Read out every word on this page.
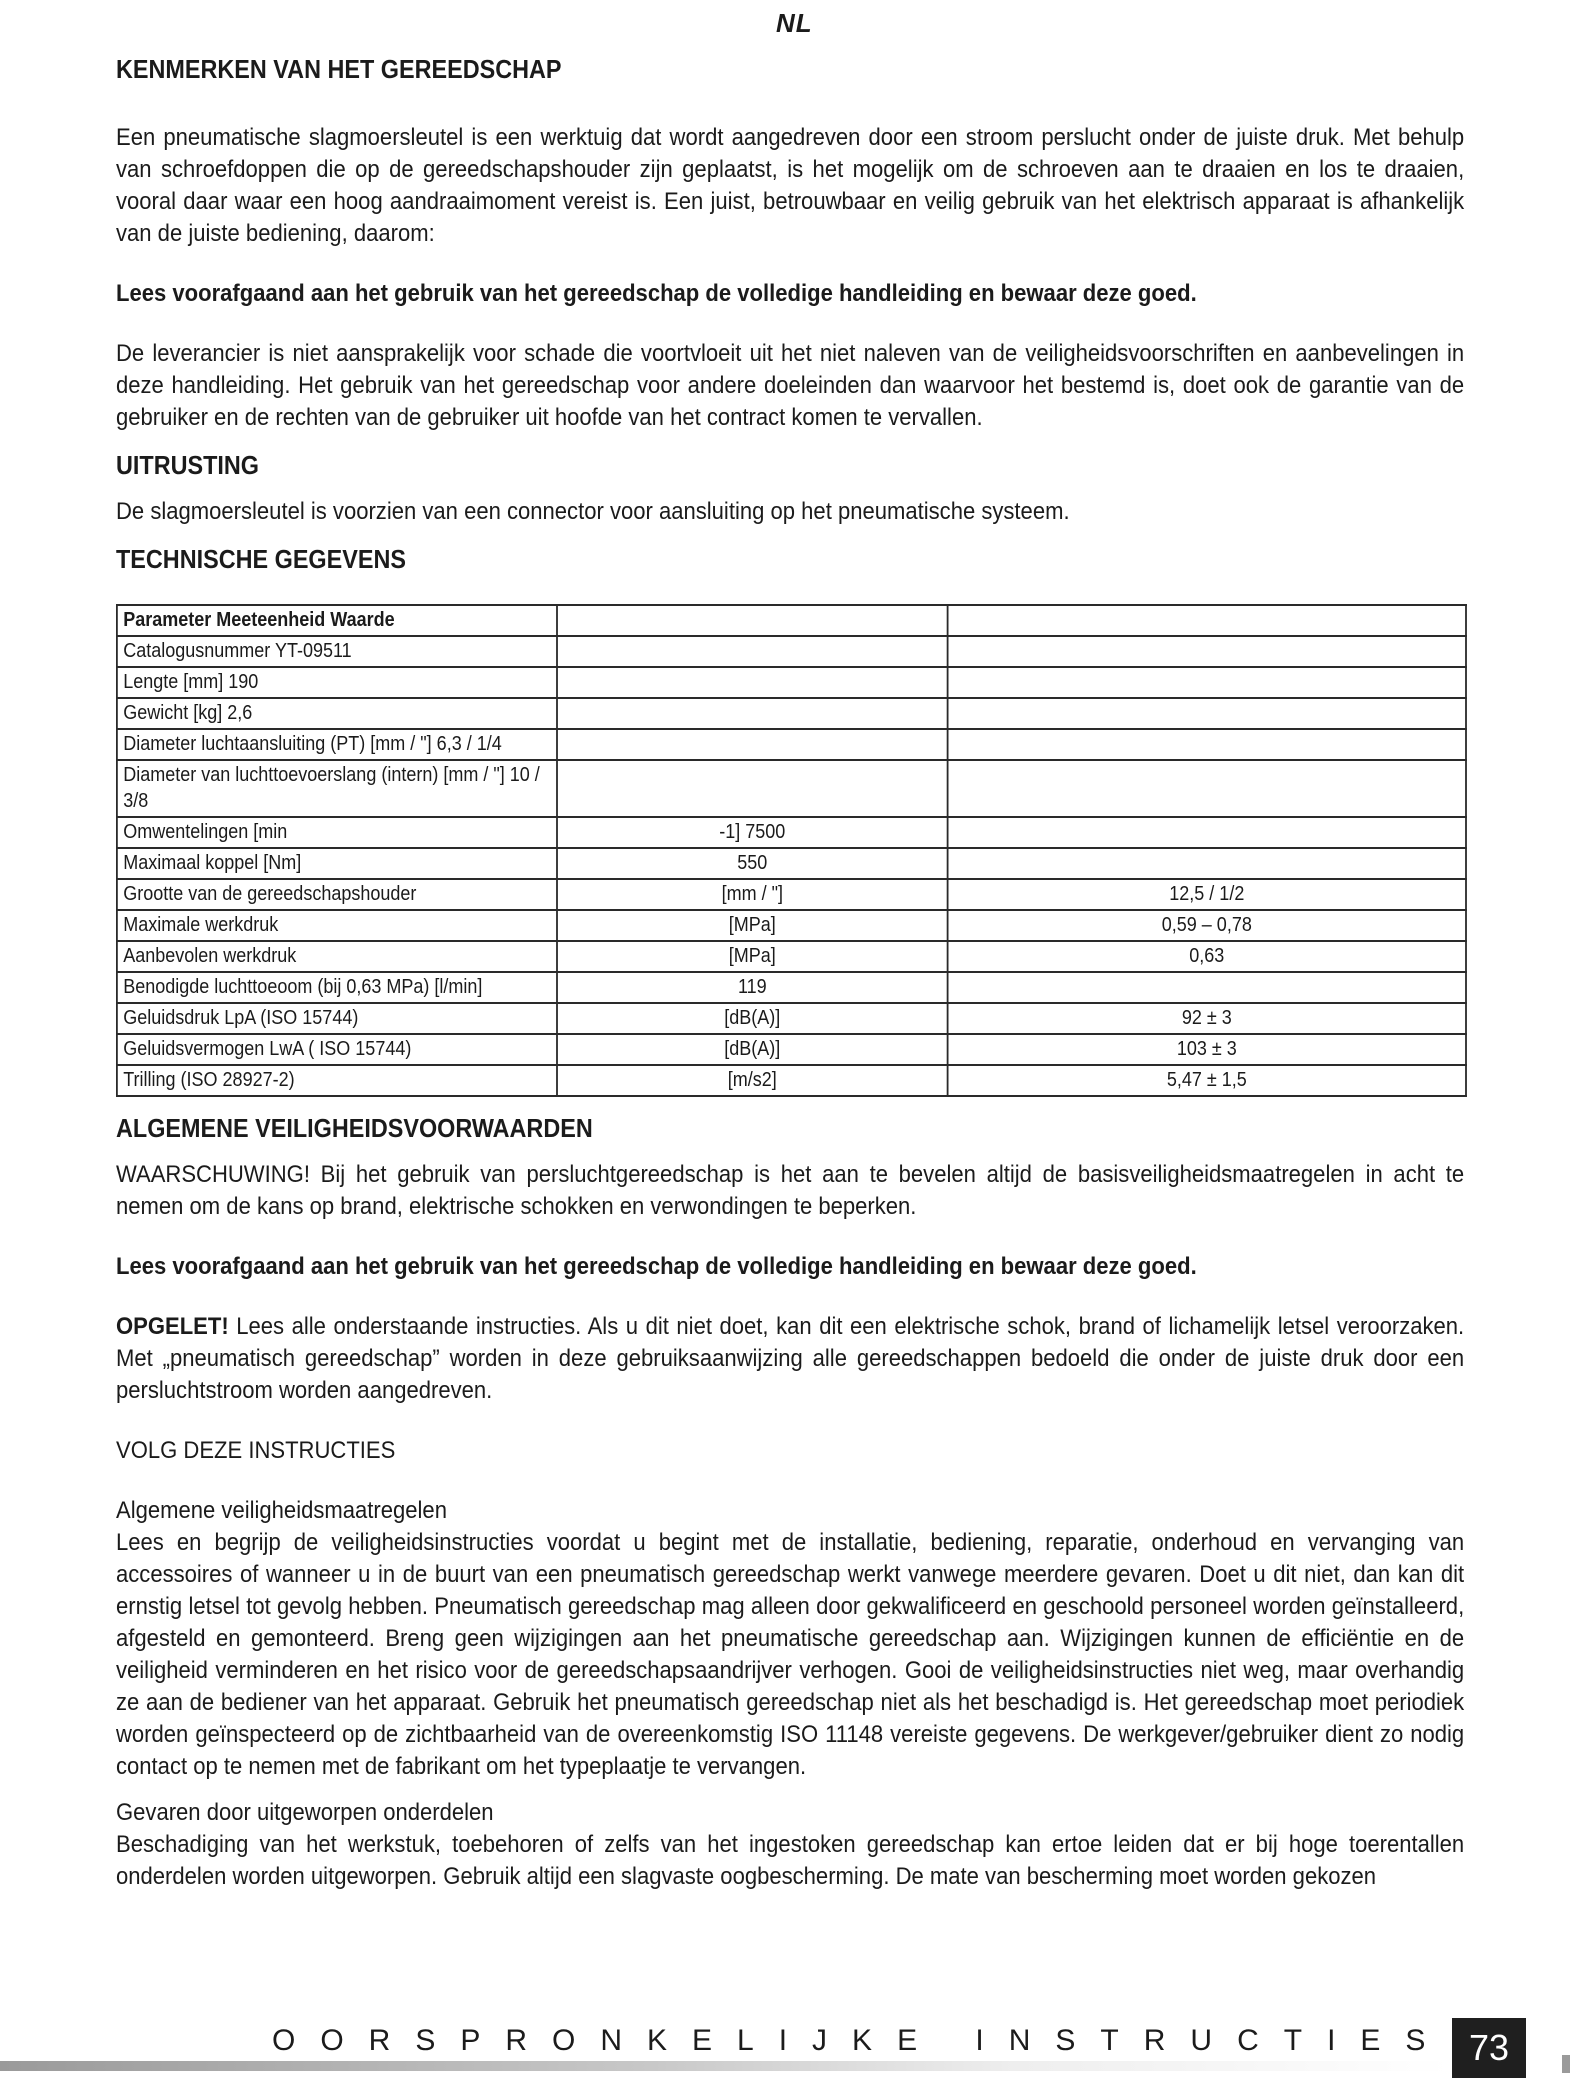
NL
KENMERKEN VAN HET GEREEDSCHAP

Een pneumatische slagmoersleutel is een werktuig dat wordt aangedreven door een stroom perslucht onder de juiste druk. Met behulp van schroefdoppen die op de gereedschapshouder zijn geplaatst, is het mogelijk om de schroeven aan te draaien en los te draaien, vooral daar waar een hoog aandraaimoment vereist is. Een juist, betrouwbaar en veilig gebruik van het elektrisch apparaat is afhankelijk van de juiste bediening, daarom:

Lees voorafgaand aan het gebruik van het gereedschap de volledige handleiding en bewaar deze goed.

De leverancier is niet aansprakelijk voor schade die voortvloeit uit het niet naleven van de veiligheidsvoorschriften en aanbevelingen in deze handleiding. Het gebruik van het gereedschap voor andere doeleinden dan waarvoor het bestemd is, doet ook de garantie van de gebruiker en de rechten van de gebruiker uit hoofde van het contract komen te vervallen.

UITRUSTING

De slagmoersleutel is voorzien van een connector voor aansluiting op het pneumatische systeem.

TECHNISCHE GEGEVENS
Parameter Meeteenheid Waarde		
Catalogusnummer YT-09511		
Lengte [mm] 190		
Gewicht [kg] 2,6		
Diameter luchtaansluiting (PT) [mm / "] 6,3 / 1/4		
Diameter van luchttoevoerslang (intern) [mm / "] 10 / 3/8		
Omwentelingen [min	-1] 7500	
Maximaal koppel [Nm]	550	
Grootte van de gereedschapshouder	[mm / "]	12,5 / 1/2
Maximale werkdruk	[MPa]	0,59 – 0,78
Aanbevolen werkdruk	[MPa]	0,63
Benodigde luchttoeoom (bij 0,63 MPa) [l/min]	119	
Geluidsdruk LpA (ISO 15744)	[dB(A)]	92 ± 3
Geluidsvermogen LwA ( ISO 15744)	[dB(A)]	103 ± 3
Trilling (ISO 28927-2)	[m/s2]	5,47 ± 1,5
ALGEMENE VEILIGHEIDSVOORWAARDEN

WAARSCHUWING! Bij het gebruik van persluchtgereedschap is het aan te bevelen altijd de basisveiligheidsmaatregelen in acht te nemen om de kans op brand, elektrische schokken en verwondingen te beperken.

Lees voorafgaand aan het gebruik van het gereedschap de volledige handleiding en bewaar deze goed.

OPGELET! Lees alle onderstaande instructies. Als u dit niet doet, kan dit een elektrische schok, brand of lichamelijk letsel veroorzaken. Met „pneumatisch gereedschap” worden in deze gebruiksaanwijzing alle gereedschappen bedoeld die onder de juiste druk door een persluchtstroom worden aangedreven.

VOLG DEZE INSTRUCTIES

Algemene veiligheidsmaatregelen

Lees en begrijp de veiligheidsinstructies voordat u begint met de installatie, bediening, reparatie, onderhoud en vervanging van accessoires of wanneer u in de buurt van een pneumatisch gereedschap werkt vanwege meerdere gevaren. Doet u dit niet, dan kan dit ernstig letsel tot gevolg hebben. Pneumatisch gereedschap mag alleen door gekwalificeerd en geschoold personeel worden geïnstalleerd, afgesteld en gemonteerd. Breng geen wijzigingen aan het pneumatische gereedschap aan. Wijzigingen kunnen de efficiëntie en de veiligheid verminderen en het risico voor de gereedschapsaandrijver verhogen. Gooi de veiligheidsinstructies niet weg, maar overhandig ze aan de bediener van het apparaat. Gebruik het pneumatisch gereedschap niet als het beschadigd is. Het gereedschap moet periodiek worden geïnspecteerd op de zichtbaarheid van de overeenkomstig ISO 11148 vereiste gegevens. De werkgever/gebruiker dient zo nodig contact op te nemen met de fabrikant om het typeplaatje te vervangen.

Gevaren door uitgeworpen onderdelen

Beschadiging van het werkstuk, toebehoren of zelfs van het ingestoken gereedschap kan ertoe leiden dat er bij hoge toerentallen onderdelen worden uitgeworpen. Gebruik altijd een slagvaste oogbescherming. De mate van bescherming moet worden gekozen

OORSPRONKELIJKE INSTRUCTIES 73
